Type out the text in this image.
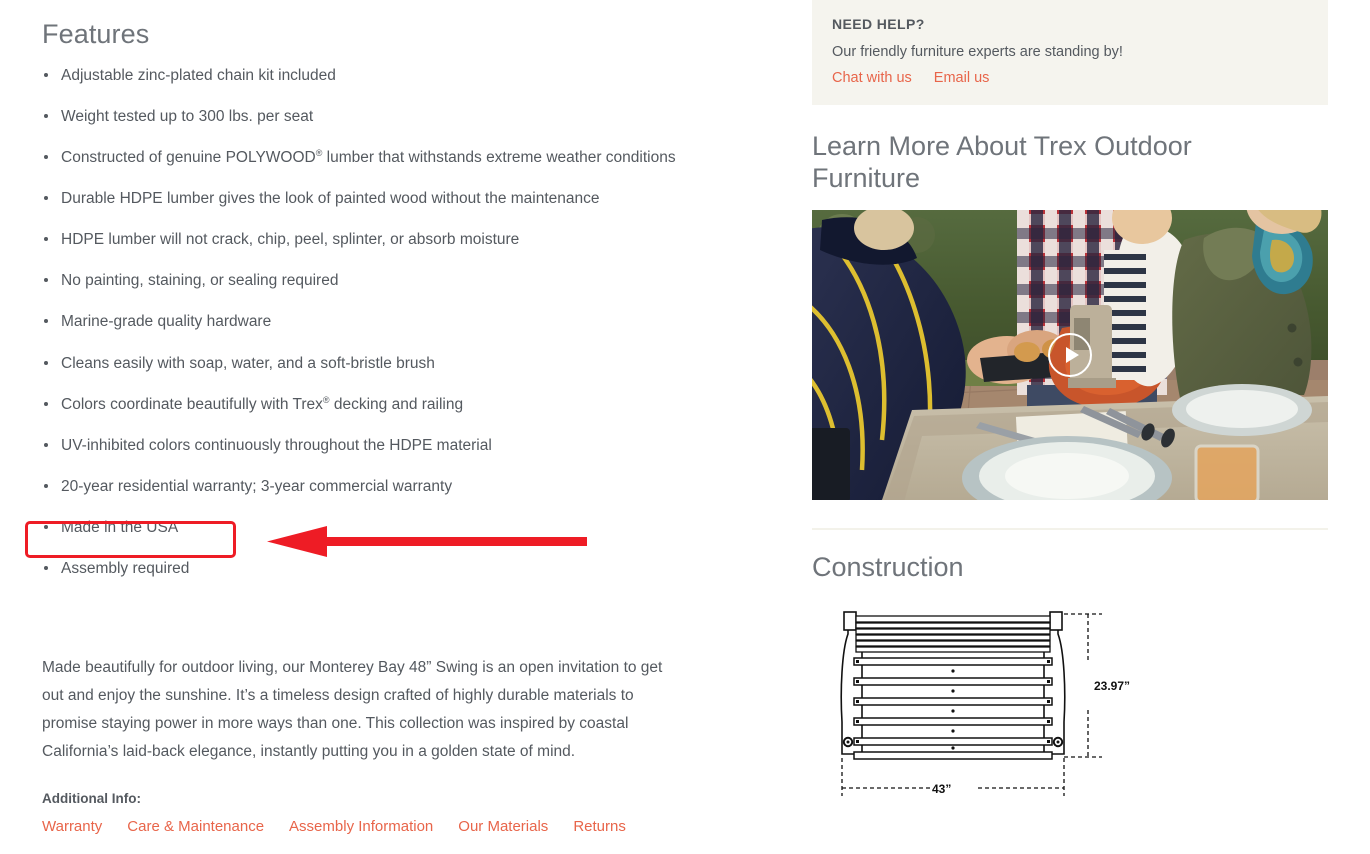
Features
Adjustable zinc-plated chain kit included
Weight tested up to 300 lbs. per seat
Constructed of genuine POLYWOOD® lumber that withstands extreme weather conditions
Durable HDPE lumber gives the look of painted wood without the maintenance
HDPE lumber will not crack, chip, peel, splinter, or absorb moisture
No painting, staining, or sealing required
Marine-grade quality hardware
Cleans easily with soap, water, and a soft-bristle brush
Colors coordinate beautifully with Trex® decking and railing
UV-inhibited colors continuously throughout the HDPE material
20-year residential warranty; 3-year commercial warranty
Made in the USA
Assembly required

Made beautifully for outdoor living, our Monterey Bay 48” Swing is an open invitation to get out and enjoy the sunshine. It’s a timeless design crafted of highly durable materials to promise staying power in more ways than one. This collection was inspired by coastal California’s laid-back elegance, instantly putting you in a golden state of mind.

Additional Info:
Warranty Care & Maintenance Assembly Information Our Materials Returns
NEED HELP?
Our friendly furniture experts are standing by!
Chat with us Email us
Learn More About Trex Outdoor Furniture
Construction
23.97”
43”
